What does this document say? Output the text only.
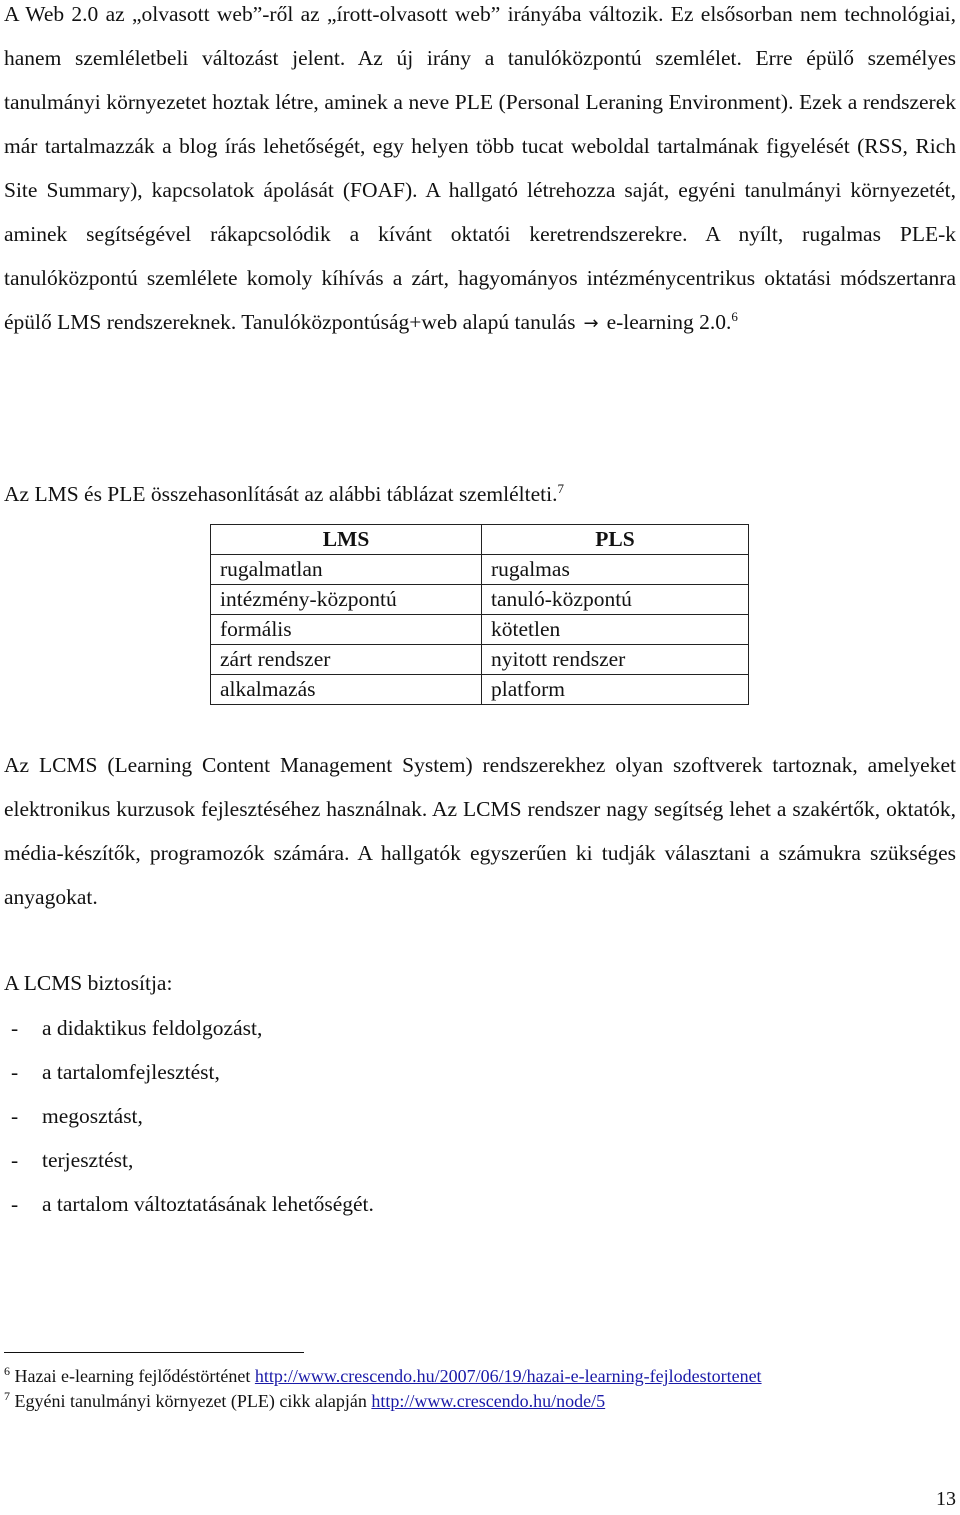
A Web 2.0 az „olvasott web”-ről az „írott-olvasott web” irányába változik. Ez elsősorban nem technológiai, hanem szemléletbeli változást jelent. Az új irány a tanulóközpontú szemlélet. Erre épülő személyes tanulmányi környezetet hoztak létre, aminek a neve PLE (Personal Leraning Environment). Ezek a rendszerek már tartalmazzák a blog írás lehetőségét, egy helyen több tucat weboldal tartalmának figyelését (RSS, Rich Site Summary), kapcsolatok ápolását (FOAF). A hallgató létrehozza saját, egyéni tanulmányi környezetét, aminek segítségével rákapcsolódik a kívánt oktatói keretrendszerekre. A nyílt, rugalmas PLE-k tanulóközpontú szemlélete komoly kíhívás a zárt, hagyományos intézménycentrikus oktatási módszertanra épülő LMS rendszereknek. Tanulóközpontúság+web alapú tanulás → e-learning 2.0.$^6$

Az LMS és PLE összehasonlítását az alábbi táblázat szemlélteti.$^7$

LMS	PLS
rugalmatlan	rugalmas
intézmény-központú	tanuló-központú
formális	kötetlen
zárt rendszer	nyitott rendszer
alkalmazás	platform

Az LCMS (Learning Content Management System) rendszerekhez olyan szoftverek tartoznak, amelyeket elektronikus kurzusok fejlesztéséhez használnak. Az LCMS rendszer nagy segítség lehet a szakértők, oktatók, média-készítők, programozók számára. A hallgatók egyszerűen ki tudják választani a számukra szükséges anyagokat.

A LCMS biztosítja:

-	a didaktikus feldolgozást,
-	a tartalomfejlesztést,
-	megosztást,
-	terjesztést,
-	a tartalom változtatásának lehetőségét.
$^6$ Hazai e-learning fejlődéstörténet http://www.crescendo.hu/2007/06/19/hazai-e-learning-fejlodestortenet
$^7$ Egyéni tanulmányi környezet (PLE) cikk alapján http://www.crescendo.hu/node/5
13
